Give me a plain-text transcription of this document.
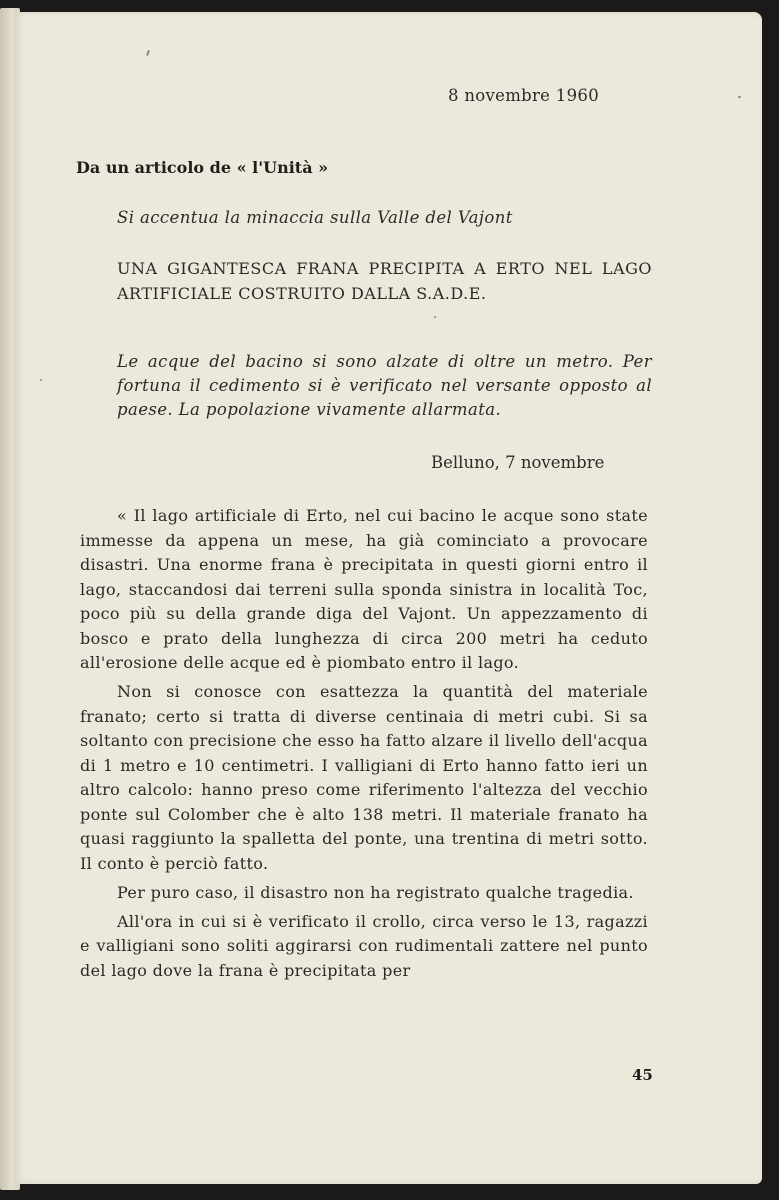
8 novembre 1960
Da un articolo de « l'Unità »
Si accentua la minaccia sulla Valle del Vajont
UNA GIGANTESCA FRANA PRECIPITA A ERTO NEL LAGO ARTIFICIALE COSTRUITO DALLA S.A.D.E.
Le acque del bacino si sono alzate di oltre un metro. Per fortuna il cedimento si è verificato nel versante opposto al paese. La popolazione vivamente allarmata.
Belluno, 7 novembre

« Il lago artificiale di Erto, nel cui bacino le acque sono state immesse da appena un mese, ha già cominciato a provocare disastri. Una enorme frana è precipitata in questi giorni entro il lago, staccandosi dai terreni sulla sponda sinistra in località Toc, poco più su della grande diga del Vajont. Un appezzamento di bosco e prato della lunghezza di circa 200 metri ha ceduto all'erosione delle acque ed è piombato entro il lago.

Non si conosce con esattezza la quantità del materiale franato; certo si tratta di diverse centinaia di metri cubi. Si sa soltanto con precisione che esso ha fatto alzare il livello dell'acqua di 1 metro e 10 centimetri. I valligiani di Erto hanno fatto ieri un altro calcolo: hanno preso come riferimento l'altezza del vecchio ponte sul Colomber che è alto 138 metri. Il materiale franato ha quasi raggiunto la spalletta del ponte, una trentina di metri sotto. Il conto è perciò fatto.

Per puro caso, il disastro non ha registrato qualche tragedia.

All'ora in cui si è verificato il crollo, circa verso le 13, ragazzi e valligiani sono soliti aggirarsi con rudimentali zattere nel punto del lago dove la frana è precipitata per

45
